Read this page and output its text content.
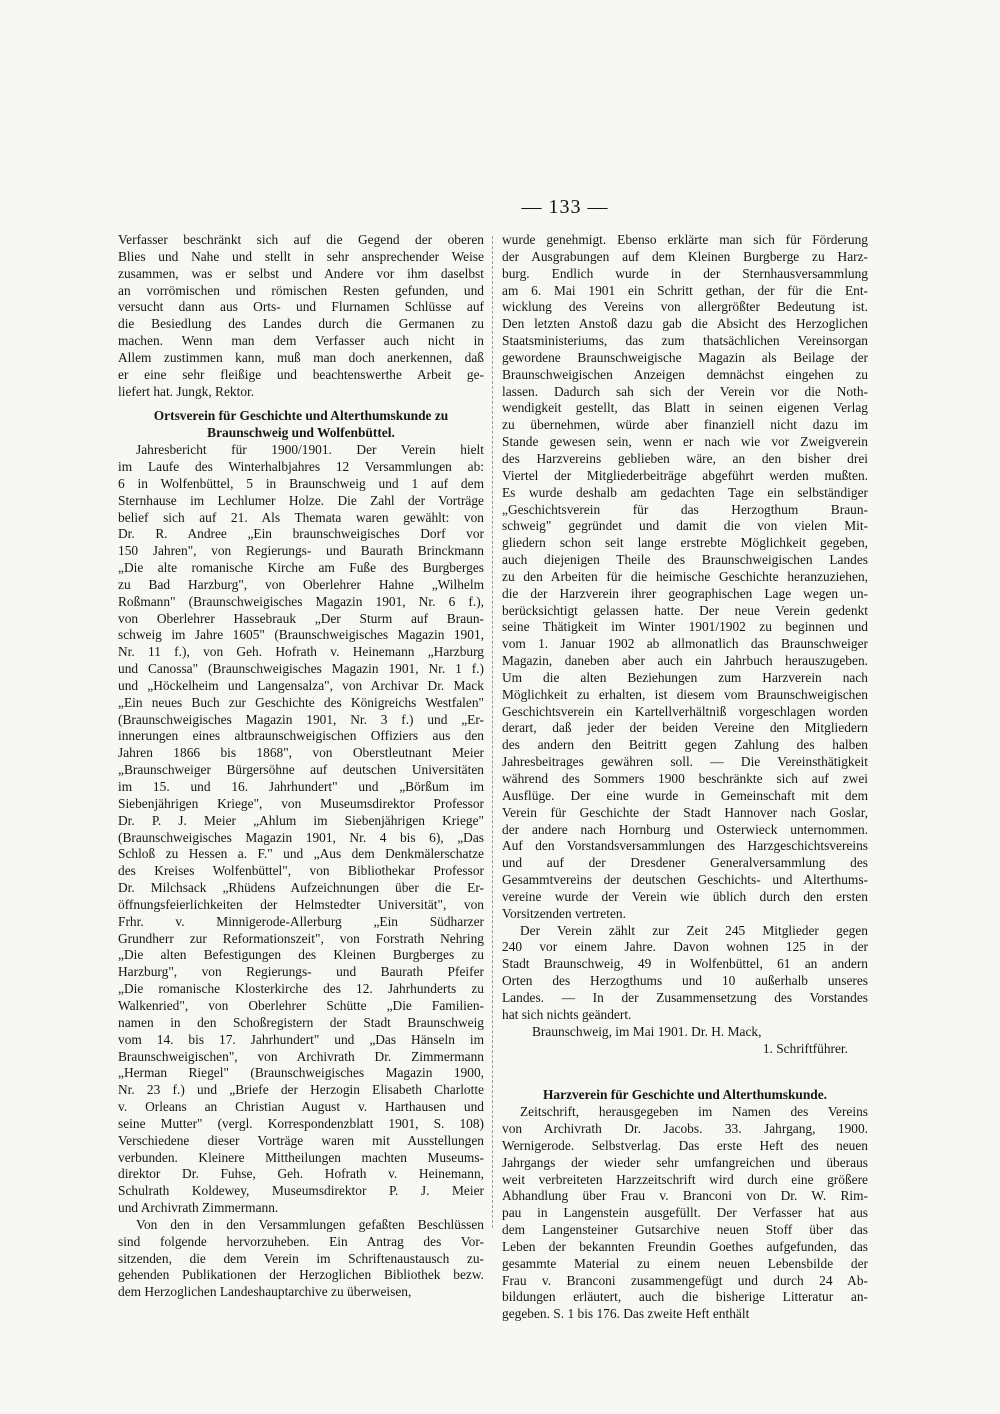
— 133 —
Verfasser beschränkt sich auf die Gegend der oberen
Blies und Nahe und stellt in sehr ansprechender Weise
zusammen, was er selbst und Andere vor ihm daselbst
an vorrömischen und römischen Resten gefunden, und
versucht dann aus Orts- und Flurnamen Schlüsse auf
die Besiedlung des Landes durch die Germanen zu
machen. Wenn man dem Verfasser auch nicht in
Allem zustimmen kann, muß man doch anerkennen, daß
er eine sehr fleißige und beachtenswerthe Arbeit ge-
liefert hat. Jungk, Rektor.
Ortsverein für Geschichte und Alterthumskunde zu
Braunschweig und Wolfenbüttel.
Jahresbericht für 1900/1901. Der Verein hielt
im Laufe des Winterhalbjahres 12 Versammlungen ab:
6 in Wolfenbüttel, 5 in Braunschweig und 1 auf dem
Sternhause im Lechlumer Holze. Die Zahl der Vorträge
belief sich auf 21. Als Themata waren gewählt: von
Dr. R. Andree „Ein braunschweigisches Dorf vor
150 Jahren", von Regierungs- und Baurath Brinckmann
„Die alte romanische Kirche am Fuße des Burgberges
zu Bad Harzburg", von Oberlehrer Hahne „Wilhelm
Roßmann" (Braunschweigisches Magazin 1901, Nr. 6 f.),
von Oberlehrer Hassebrauk „Der Sturm auf Braun-
schweig im Jahre 1605" (Braunschweigisches Magazin 1901,
Nr. 11 f.), von Geh. Hofrath v. Heinemann „Harzburg
und Canossa" (Braunschweigisches Magazin 1901, Nr. 1 f.)
und „Höckelheim und Langensalza", von Archivar Dr. Mack
„Ein neues Buch zur Geschichte des Königreichs Westfalen"
(Braunschweigisches Magazin 1901, Nr. 3 f.) und „Er-
innerungen eines altbraunschweigischen Offiziers aus den
Jahren 1866 bis 1868", von Oberstleutnant Meier
„Braunschweiger Bürgersöhne auf deutschen Universitäten
im 15. und 16. Jahrhundert" und „Börßum im
Siebenjährigen Kriege", von Museumsdirektor Professor
Dr. P. J. Meier „Ahlum im Siebenjährigen Kriege"
(Braunschweigisches Magazin 1901, Nr. 4 bis 6), „Das
Schloß zu Hessen a. F." und „Aus dem Denkmälerschatze
des Kreises Wolfenbüttel", von Bibliothekar Professor
Dr. Milchsack „Rhüdens Aufzeichnungen über die Er-
öffnungsfeierlichkeiten der Helmstedter Universität", von
Frhr. v. Minnigerode-Allerburg „Ein Südharzer
Grundherr zur Reformationszeit", von Forstrath Nehring
„Die alten Befestigungen des Kleinen Burgberges zu
Harzburg", von Regierungs- und Baurath Pfeifer
„Die romanische Klosterkirche des 12. Jahrhunderts zu
Walkenried", von Oberlehrer Schütte „Die Familien-
namen in den Schoßregistern der Stadt Braunschweig
vom 14. bis 17. Jahrhundert" und „Das Hänseln im
Braunschweigischen", von Archivrath Dr. Zimmermann
„Herman Riegel" (Braunschweigisches Magazin 1900,
Nr. 23 f.) und „Briefe der Herzogin Elisabeth Charlotte
v. Orleans an Christian August v. Harthausen und
seine Mutter" (vergl. Korrespondenzblatt 1901, S. 108)
Verschiedene dieser Vorträge waren mit Ausstellungen
verbunden. Kleinere Mittheilungen machten Museums-
direktor Dr. Fuhse, Geh. Hofrath v. Heinemann,
Schulrath Koldewey, Museumsdirektor P. J. Meier
und Archivrath Zimmermann.
Von den in den Versammlungen gefaßten Beschlüssen
sind folgende hervorzuheben. Ein Antrag des Vor-
sitzenden, die dem Verein im Schriftenaustausch zu-
gehenden Publikationen der Herzoglichen Bibliothek bezw.
dem Herzoglichen Landeshauptarchive zu überweisen,
wurde genehmigt. Ebenso erklärte man sich für Förderung
der Ausgrabungen auf dem Kleinen Burgberge zu Harz-
burg. Endlich wurde in der Sternhausversammlung
am 6. Mai 1901 ein Schritt gethan, der für die Ent-
wicklung des Vereins von allergrößter Bedeutung ist.
Den letzten Anstoß dazu gab die Absicht des Herzoglichen
Staatsministeriums, das zum thatsächlichen Vereinsorgan
gewordene Braunschweigische Magazin als Beilage der
Braunschweigischen Anzeigen demnächst eingehen zu
lassen. Dadurch sah sich der Verein vor die Noth-
wendigkeit gestellt, das Blatt in seinen eigenen Verlag
zu übernehmen, würde aber finanziell nicht dazu im
Stande gewesen sein, wenn er nach wie vor Zweigverein
des Harzvereins geblieben wäre, an den bisher drei
Viertel der Mitgliederbeiträge abgeführt werden mußten.
Es wurde deshalb am gedachten Tage ein selbständiger
„Geschichtsverein für das Herzogthum Braun-
schweig" gegründet und damit die von vielen Mit-
gliedern schon seit lange erstrebte Möglichkeit gegeben,
auch diejenigen Theile des Braunschweigischen Landes
zu den Arbeiten für die heimische Geschichte heranzuziehen,
die der Harzverein ihrer geographischen Lage wegen un-
berücksichtigt gelassen hatte. Der neue Verein gedenkt
seine Thätigkeit im Winter 1901/1902 zu beginnen und
vom 1. Januar 1902 ab allmonatlich das Braunschweiger
Magazin, daneben aber auch ein Jahrbuch herauszugeben.
Um die alten Beziehungen zum Harzverein nach
Möglichkeit zu erhalten, ist diesem vom Braunschweigischen
Geschichtsverein ein Kartellverhältniß vorgeschlagen worden
derart, daß jeder der beiden Vereine den Mitgliedern
des andern den Beitritt gegen Zahlung des halben
Jahresbeitrages gewähren soll. — Die Vereinsthätigkeit
während des Sommers 1900 beschränkte sich auf zwei
Ausflüge. Der eine wurde in Gemeinschaft mit dem
Verein für Geschichte der Stadt Hannover nach Goslar,
der andere nach Hornburg und Osterwieck unternommen.
Auf den Vorstandsversammlungen des Harzgeschichtsvereins
und auf der Dresdener Generalversammlung des
Gesammtvereins der deutschen Geschichts- und Alterthums-
vereine wurde der Verein wie üblich durch den ersten
Vorsitzenden vertreten.
Der Verein zählt zur Zeit 245 Mitglieder gegen
240 vor einem Jahre. Davon wohnen 125 in der
Stadt Braunschweig, 49 in Wolfenbüttel, 61 an andern
Orten des Herzogthums und 10 außerhalb unseres
Landes. — In der Zusammensetzung des Vorstandes
hat sich nichts geändert.
Braunschweig, im Mai 1901. Dr. H. Mack,
1. Schriftführer.
Harzverein für Geschichte und Alterthumskunde.
Zeitschrift, herausgegeben im Namen des Vereins
von Archivrath Dr. Jacobs. 33. Jahrgang, 1900.
Wernigerode. Selbstverlag. Das erste Heft des neuen
Jahrgangs der wieder sehr umfangreichen und überaus
weit verbreiteten Harzzeitschrift wird durch eine größere
Abhandlung über Frau v. Branconi von Dr. W. Rim-
pau in Langenstein ausgefüllt. Der Verfasser hat aus
dem Langensteiner Gutsarchive neuen Stoff über das
Leben der bekannten Freundin Goethes aufgefunden, das
gesammte Material zu einem neuen Lebensbilde der
Frau v. Branconi zusammengefügt und durch 24 Ab-
bildungen erläutert, auch die bisherige Litteratur an-
gegeben. S. 1 bis 176. Das zweite Heft enthält
